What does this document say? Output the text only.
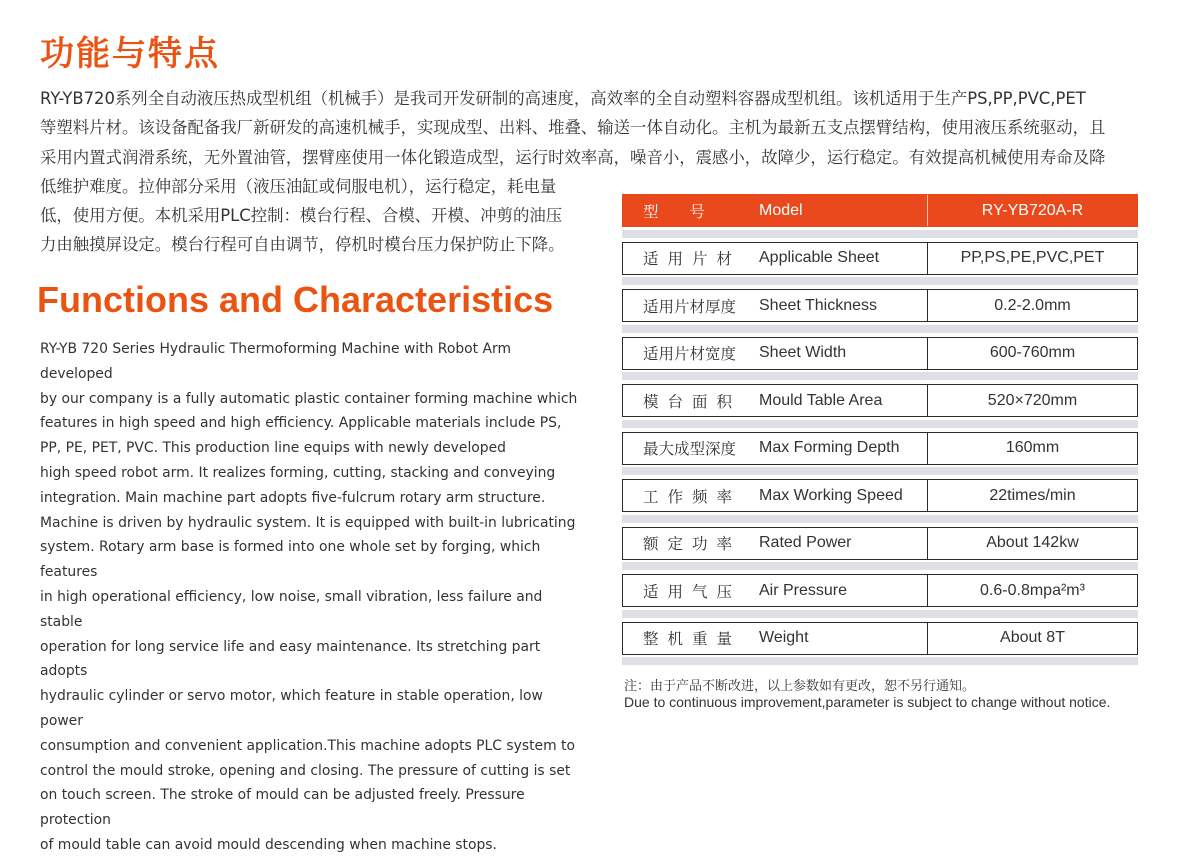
功能与特点

RY-YB720系列全自动液压热成型机组（机械手）是我司开发研制的高速度，高效率的全自动塑料容器成型机组。该机适用于生产PS,PP,PVC,PET
等塑料片材。该设备配备我厂新研发的高速机械手，实现成型、出料、堆叠、输送一体自动化。主机为最新五支点摆臂结构，使用液压系统驱动，且
采用内置式润滑系统，无外置油管，摆臂座使用一体化锻造成型，运行时效率高，噪音小，震感小，故障少，运行稳定。有效提高机械使用寿命及降
低维护难度。拉伸部分采用（液压油缸或伺服电机），运行稳定，耗电量
低，使用方便。本机采用PLC控制：模台行程、合模、开模、冲剪的油压
力由触摸屏设定。模台行程可自由调节，停机时模台压力保护防止下降。

Functions and Characteristics

RY-YB 720 Series Hydraulic Thermoforming Machine with Robot Arm developed
by our company is a fully automatic plastic container forming machine which
features in high speed and high efficiency. Applicable materials include PS,
PP, PE, PET, PVC. This production line equips with newly developed
high speed robot arm. It realizes forming, cutting, stacking and conveying
integration. Main machine part adopts five-fulcrum rotary arm structure.
Machine is driven by hydraulic system. It is equipped with built-in lubricating
system. Rotary arm base is formed into one whole set by forging, which features
in high operational efficiency, low noise, small vibration, less failure and stable
operation for long service life and easy maintenance. Its stretching part adopts
hydraulic cylinder or servo motor, which feature in stable operation, low power
consumption and convenient application.This machine adopts PLC system to
control the mould stroke, opening and closing. The pressure of cutting is set
on touch screen. The stroke of mould can be adjusted freely. Pressure protection
of mould table can avoid mould descending when machine stops.

型　　号	Model	RY-YB720A-R
适用片材	Applicable Sheet	PP,PS,PE,PVC,PET
适用片材厚度	Sheet Thickness	0.2-2.0mm
适用片材宽度	Sheet Width	600-760mm
模台面积	Mould Table Area	520×720mm
最大成型深度	Max Forming Depth	160mm
工作频率	Max Working Speed	22times/min
额定功率	Rated Power	About 142kw
适用气压	Air Pressure	0.6-0.8mpa²m³
整机重量	Weight	About 8T

注：由于产品不断改进，以上参数如有更改，恕不另行通知。

Due to continuous improvement,parameter is subject to change without notice.
